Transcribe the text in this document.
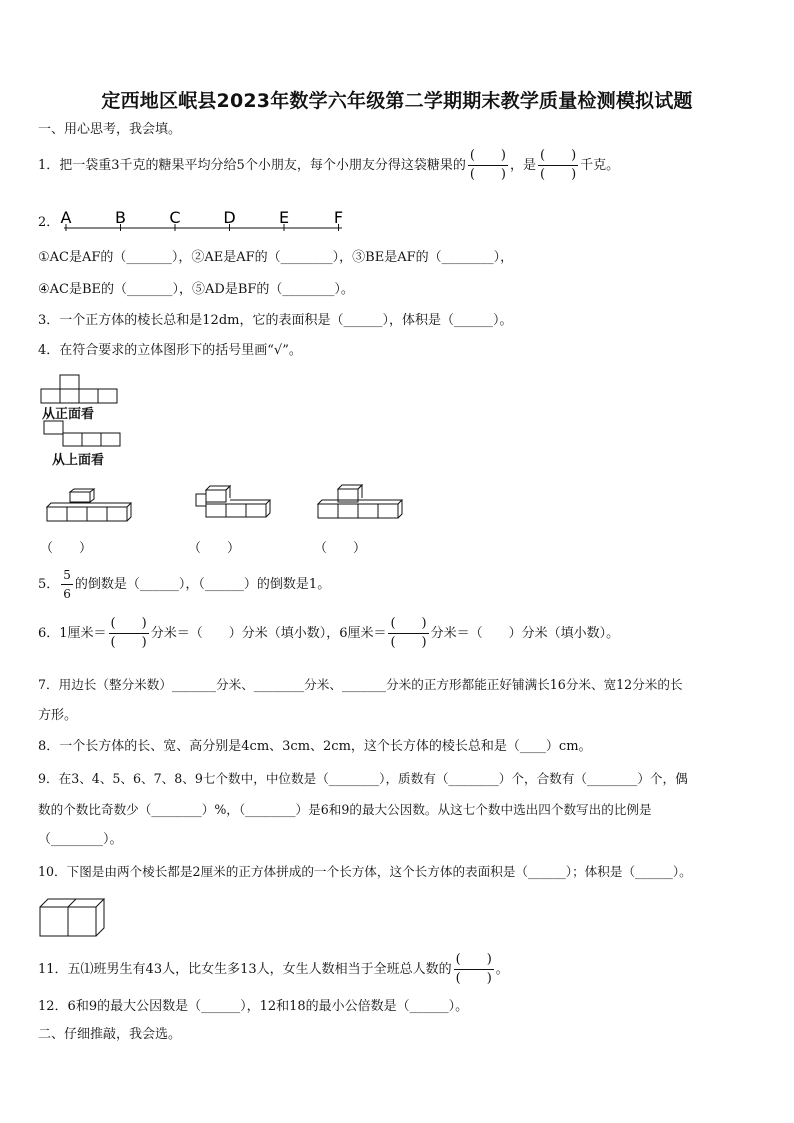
定西地区岷县2023年数学六年级第二学期期末教学质量检测模拟试题
一、用心思考，我会填。
1．把一袋重3千克的糖果平均分给5个小朋友，每个小朋友分得这袋糖果的 $\frac{( )}{( )}$ ，是 $\frac{( )}{( )}$ 千克。
2． A	B	C	D	E	F
①AC是AF的（_______），②AE是AF的（________），③BE是AF的（________），
④AC是BE的（_______），⑤AD是BF的（________）。
3．一个正方体的棱长总和是12dm，它的表面积是（______），体积是（______）。
4．在符合要求的立体图形下的括号里画“√”。
从正面看
从上面看
（　　）	（　　）	（　　）
5． $\frac{5}{6}$ 的倒数是（______），（______）的倒数是1。
6．1厘米＝ $\frac{( )}{( )}$ 分米＝（　　）分米（填小数），6厘米＝ $\frac{( )}{( )}$ 分米＝（　　）分米（填小数）。
7．用边长（整分米数）_______分米、________分米、_______分米的正方形都能正好铺满长16分米、宽12分米的长
方形。
8．一个长方体的长、宽、高分别是4cm、3cm、2cm，这个长方体的棱长总和是（____）cm。
9．在3、4、5、6、7、8、9七个数中，中位数是（________），质数有（________）个，合数有（________）个，偶
数的个数比奇数少（________）%，（________）是6和9的最大公因数。从这七个数中选出四个数写出的比例是
（________）。
10．下图是由两个棱长都是2厘米的正方体拼成的一个长方体，这个长方体的表面积是（______）；体积是（______）。
11．五⑴班男生有43人，比女生多13人，女生人数相当于全班总人数的 $\frac{( )}{( )}$ 。
12．6和9的最大公因数是（______），12和18的最小公倍数是（______）。
二、仔细推敲，我会选。
